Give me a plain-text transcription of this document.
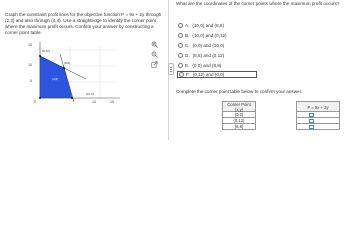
Graph the constraint profit lines for the objective function P = 9x + 2y through (2,2) and also through (4,4). Use a straightedge to identify the corner point where the maximum profit occurs. Confirm your answer by constructing a corner point table.
15
10
5
0	10	15
(0,12)
(8,8)
(4,6)
(10,0)
What are the coordinates of the corner points where the maximum profit occurs?
A. (10,0) and (8,8)
B. (10,0) and (0,12)
C. (0,0) and (10,0)
D. (8,8) and (0,12)
E. (0,0) and (8,8)
F. (0,12) and (0,0)
Complete the corner point table below to confirm your answer.
Corner Point
(x,y)
(0,0)
(0,12)
(8,8)
P = 9x + 2y
